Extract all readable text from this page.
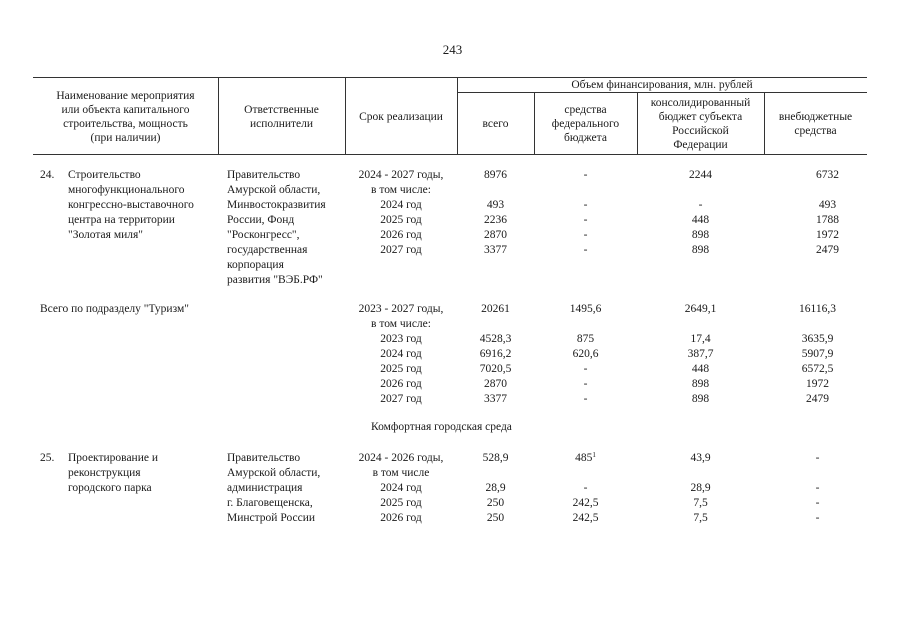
243
Наименование мероприятия
или объекта капитального
строительства, мощность
(при наличии)
Ответственные
исполнители
Срок реализации
Объем финансирования, млн. рублей
всего
средства
федерального
бюджета
консолидированный
бюджет субъекта
Российской
Федерации
внебюджетные
средства
24. Строительство
многофункционального
конгрессно-выставочного
центра на территории
"Золотая миля"
Правительство
Амурской области,
Минвостокразвития
России, Фонд
"Росконгресс",
государственная
корпорация
развития "ВЭБ.РФ"
2024 - 2027 годы,
в том числе:
2024 год
2025 год
2026 год
2027 год
8976

493
2236
2870
3377
-

-
-
-
-
2244

-
448
898
898
6732

493
1788
1972
2479
Всего по подразделу "Туризм"	2023 - 2027 годы,
в том числе:
2023 год
2024 год
2025 год
2026 год
2027 год
20261

4528,3
6916,2
7020,5
2870
3377
1495,6

875
620,6
-
-
-
2649,1

17,4
387,7
448
898
898
16116,3

3635,9
5907,9
6572,5
1972
2479
Комфортная городская среда
25. Проектирование и
реконструкция
городского парка
Правительство
Амурской области,
администрация
г. Благовещенска,
Минстрой России
2024 - 2026 годы,
в том числе
2024 год
2025 год
2026 год
528,9

28,9
250
250
$485^1$

-
242,5
242,5
43,9

28,9
7,5
7,5
-

-
-
-
